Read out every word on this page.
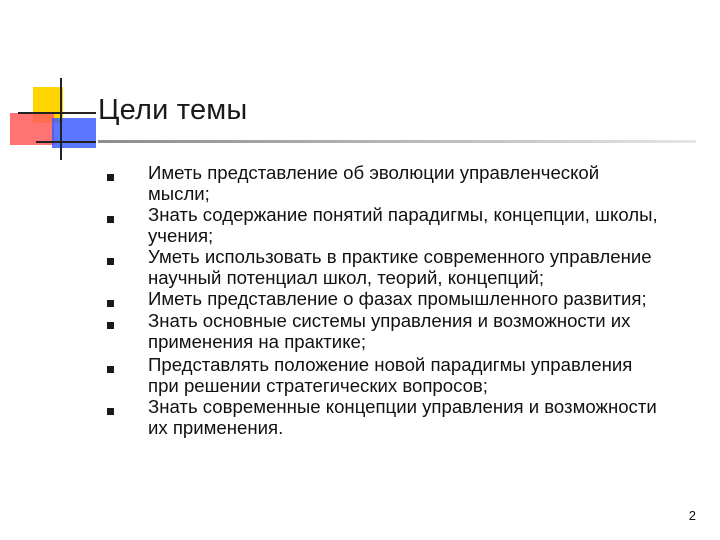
Цели темы
Иметь представление об эволюции управленческой
мысли;
Знать содержание понятий парадигмы, концепции, школы,
учения;
Уметь использовать в практике современного управление
научный потенциал школ, теорий, концепций;
Иметь представление о фазах промышленного развития;
Знать основные системы управления и возможности их
применения на практике;
Представлять положение новой парадигмы управления
при решении стратегических вопросов;
Знать современные концепции управления и возможности
их применения.
2
